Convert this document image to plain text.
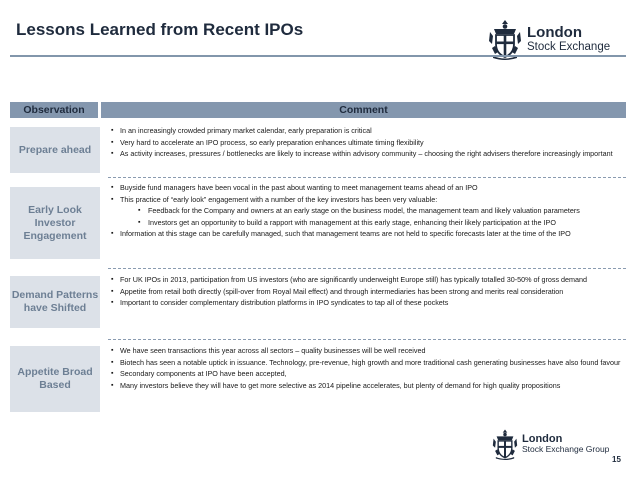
Lessons Learned from Recent IPOs	London
Stock Exchange
Observation	Comment
Prepare ahead
▪ In an increasingly crowded primary market calendar, early preparation is critical
▪ Very hard to accelerate an IPO process, so early preparation enhances ultimate timing flexibility
▪ As activity increases, pressures / bottlenecks are likely to increase within advisory community – choosing the right advisers therefore increasingly important
Early Look Investor Engagement
▪ Buyside fund managers have been vocal in the past about wanting to meet management teams ahead of an IPO
▪ This practice of “early look” engagement with a number of the key investors has been very valuable:
▪ Feedback for the Company and owners at an early stage on the business model, the management team and likely valuation parameters
▪ Investors get an opportunity to build a rapport with management at this early stage, enhancing their likely participation at the IPO
▪ Information at this stage can be carefully managed, such that management teams are not held to specific forecasts later at the time of the IPO
Demand Patterns have Shifted
▪ For UK IPOs in 2013, participation from US investors (who are significantly underweight Europe still) has typically totalled 30-50% of gross demand
▪ Appetite from retail both directly (spill-over from Royal Mail effect) and through intermediaries has been strong and merits real consideration
▪ Important to consider complementary distribution platforms in IPO syndicates to tap all of these pockets
Appetite Broad Based
▪ We have seen transactions this year across all sectors – quality businesses will be well received
▪ Biotech has seen a notable uptick in issuance. Technology, pre-revenue, high growth and more traditional cash generating businesses have also found favour
▪ Secondary components at IPO have been accepted,
▪ Many investors believe they will have to get more selective as 2014 pipeline accelerates, but plenty of demand for high quality propositions
London
Stock Exchange Group
15
